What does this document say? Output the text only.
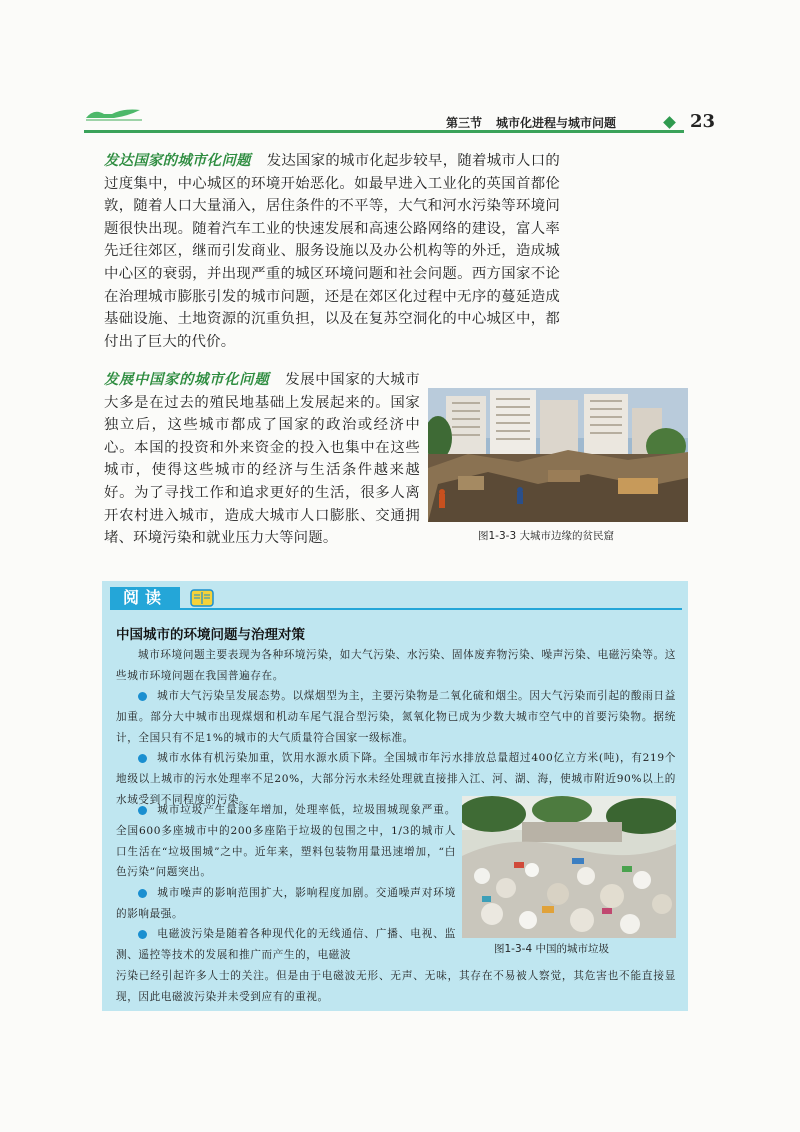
第三节 城市化进程与城市问题	23
发达国家的城市化问题 发达国家的城市化起步较早，随着城市人口的过度集中，中心城区的环境开始恶化。如最早进入工业化的英国首都伦敦，随着人口大量涌入，居住条件的不平等，大气和河水污染等环境问题很快出现。随着汽车工业的快速发展和高速公路网络的建设，富人率先迁往郊区，继而引发商业、服务设施以及办公机构等的外迁，造成城中心区的衰弱，并出现严重的城区环境问题和社会问题。西方国家不论在治理城市膨胀引发的城市问题，还是在郊区化过程中无序的蔓延造成基础设施、土地资源的沉重负担，以及在复苏空洞化的中心城区中，都付出了巨大的代价。
发展中国家的城市化问题 发展中国家的大城市大多是在过去的殖民地基础上发展起来的。国家独立后，这些城市都成了国家的政治或经济中心。本国的投资和外来资金的投入也集中在这些城市，使得这些城市的经济与生活条件越来越好。为了寻找工作和追求更好的生活，很多人离开农村进入城市，造成大城市人口膨胀、交通拥堵、环境污染和就业压力大等问题。	图1-3-3 大城市边缘的贫民窟
阅读
中国城市的环境问题与治理对策
城市环境问题主要表现为各种环境污染，如大气污染、水污染、固体废弃物污染、噪声污染、电磁污染等。这些城市环境问题在我国普遍存在。
城市大气污染呈发展态势。以煤烟型为主，主要污染物是二氧化硫和烟尘。因大气污染而引起的酸雨日益加重。部分大中城市出现煤烟和机动车尾气混合型污染，氮氧化物已成为少数大城市空气中的首要污染物。据统计，全国只有不足1%的城市的大气质量符合国家一级标准。
城市水体有机污染加重，饮用水源水质下降。全国城市年污水排放总量超过400亿立方米(吨)，有219个地级以上城市的污水处理率不足20%，大部分污水未经处理就直接排入江、河、湖、海，使城市附近90%以上的水域受到不同程度的污染。
城市垃圾产生量逐年增加，处理率低，垃圾围城现象严重。全国600多座城市中的200多座陷于垃圾的包围之中，1/3的城市人口生活在“垃圾围城”之中。近年来，塑料包装物用量迅速增加，“白色污染”问题突出。
城市噪声的影响范围扩大，影响程度加剧。交通噪声对环境的影响最强。
电磁波污染是随着各种现代化的无线通信、广播、电视、监测、遥控等技术的发展和推广而产生的，电磁波
污染已经引起许多人士的关注。但是由于电磁波无形、无声、无味，其存在不易被人察觉，其危害也不能直接显现，因此电磁波污染并未受到应有的重视。
图1-3-4 中国的城市垃圾
